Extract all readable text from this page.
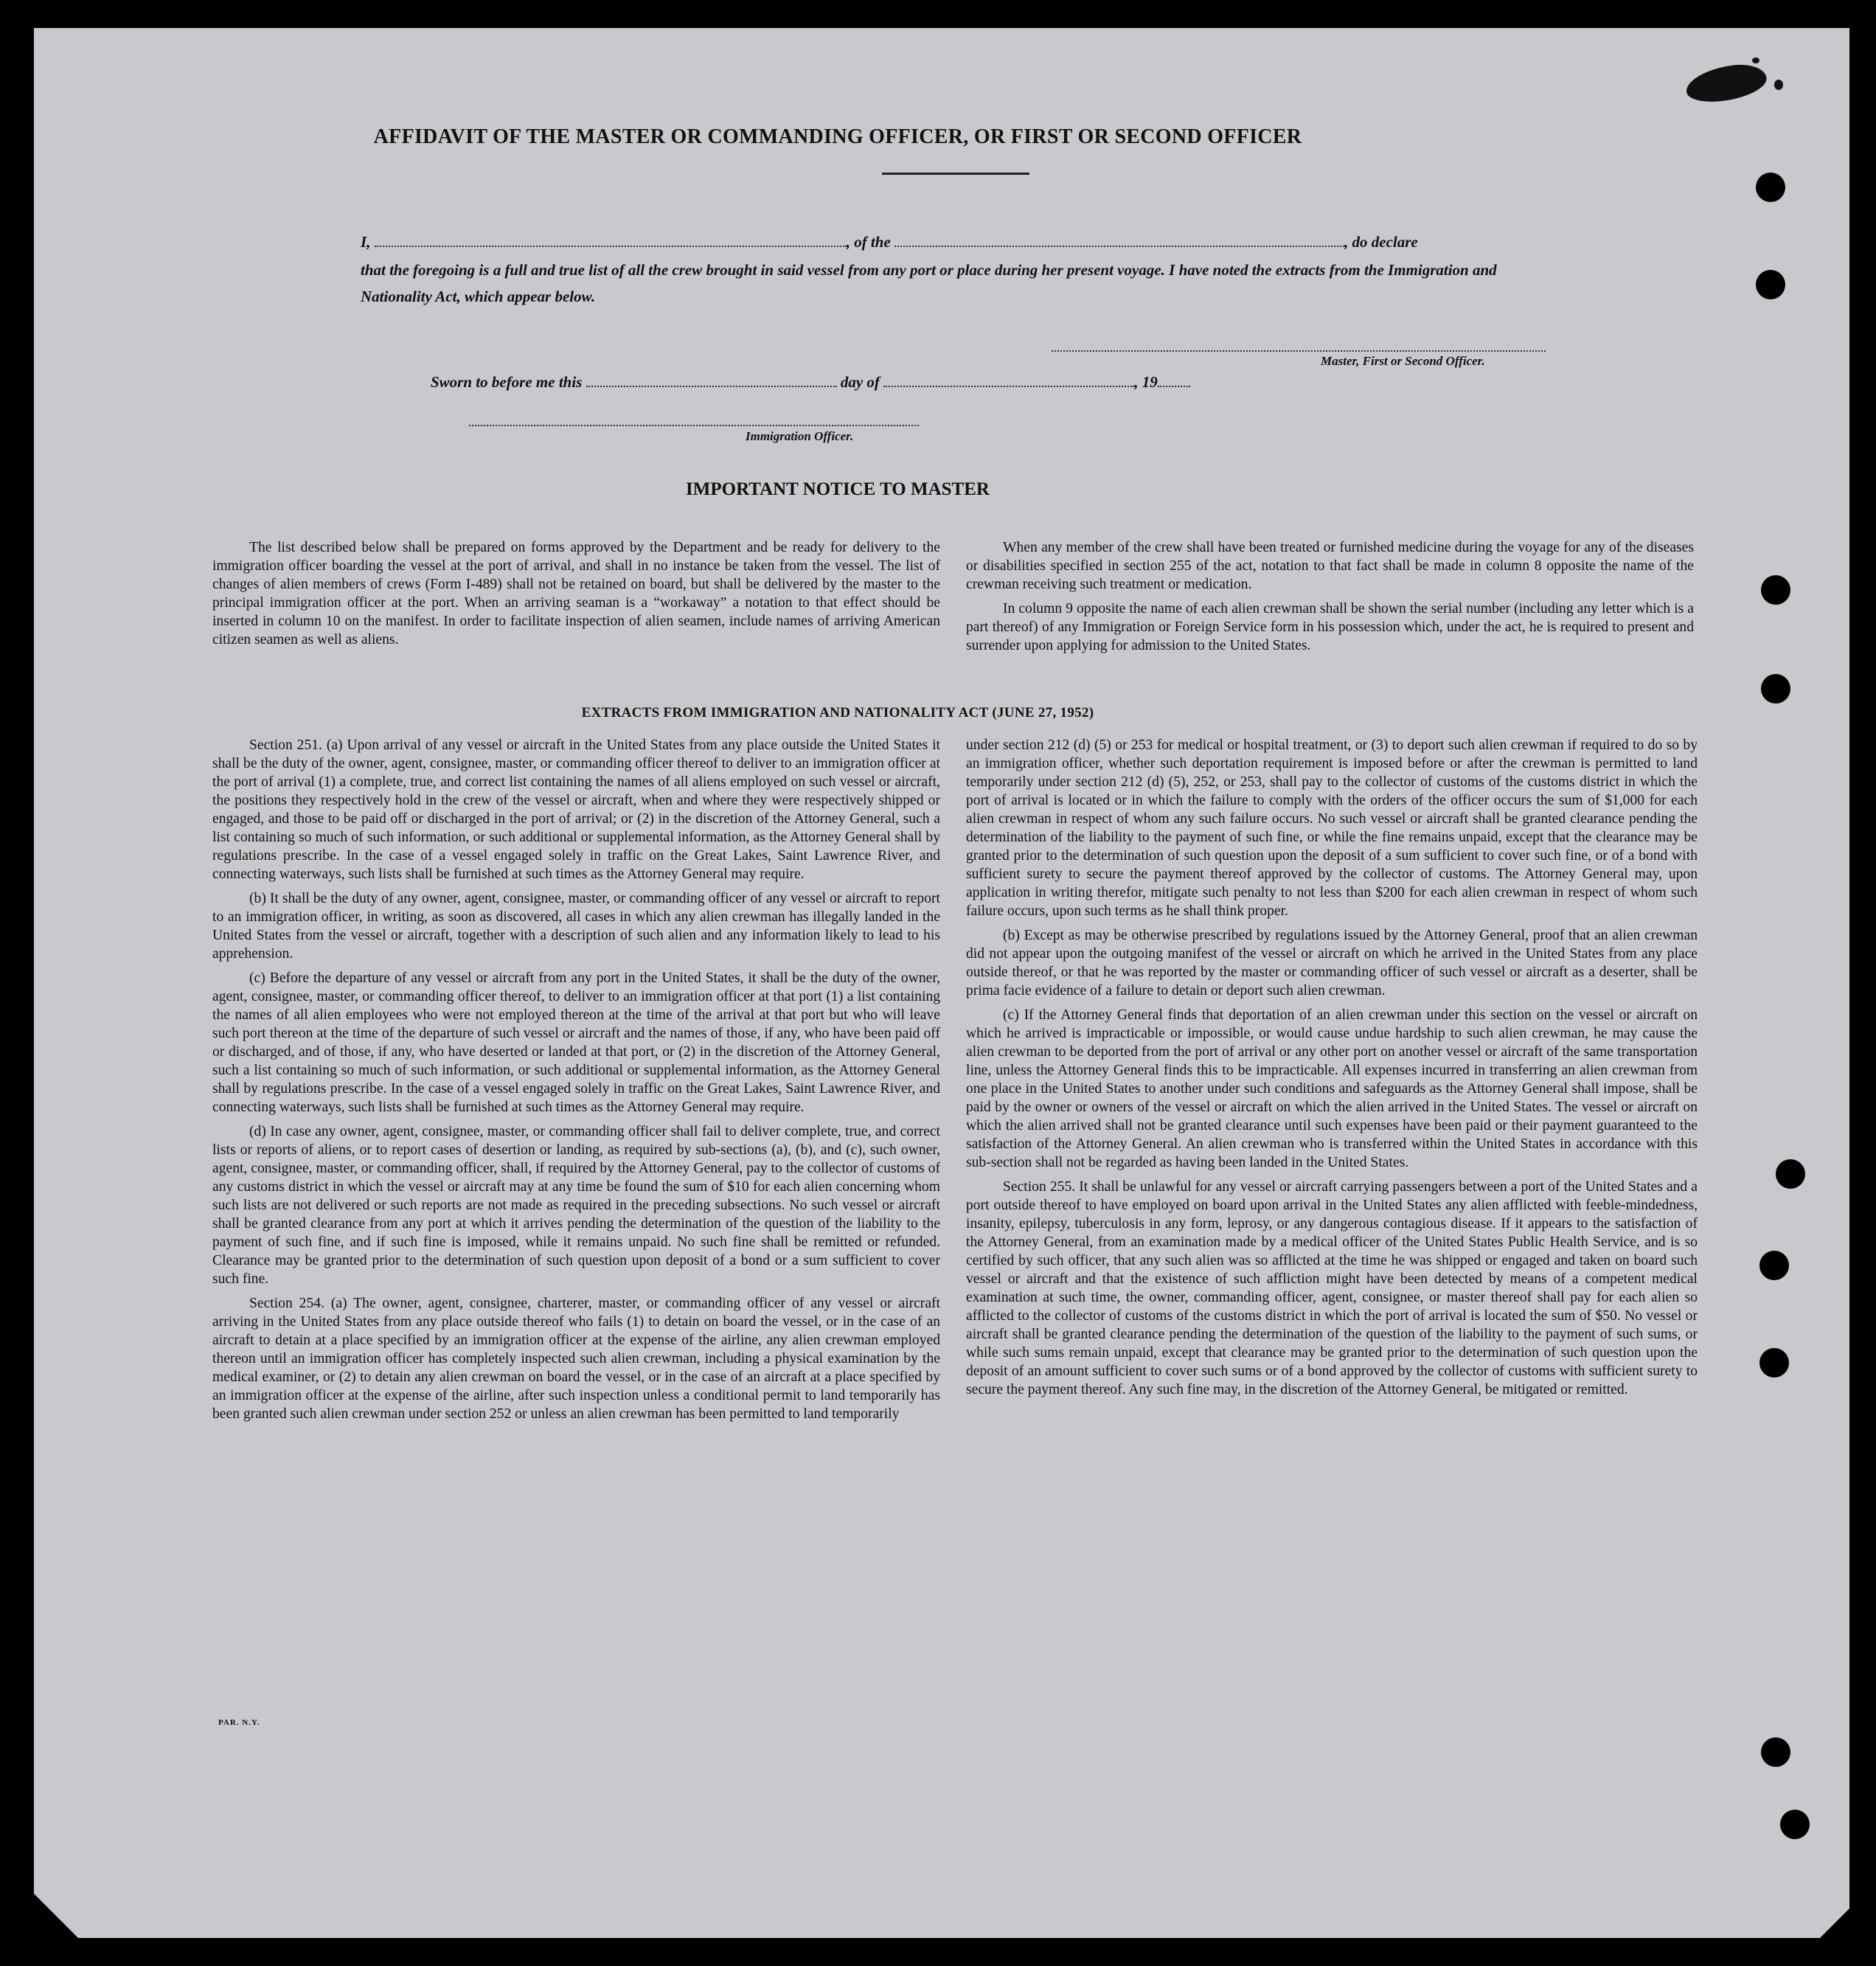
AFFIDAVIT OF THE MASTER OR COMMANDING OFFICER, OR FIRST OR SECOND OFFICER
I,	, of the	, do declare
that the foregoing is a full and true list of all the crew brought in said vessel from any port or place during her present voyage. I have noted the extracts from the Immigration and Nationality Act, which appear below.
Master, First or Second Officer.
Sworn to before me this	day of	, 19
Immigration Officer.
IMPORTANT NOTICE TO MASTER

The list described below shall be prepared on forms approved by the Department and be ready for delivery to the immigration officer boarding the vessel at the port of arrival, and shall in no instance be taken from the vessel. The list of changes of alien members of crews (Form I-489) shall not be retained on board, but shall be delivered by the master to the principal immigration officer at the port. When an arriving seaman is a “workaway” a notation to that effect should be inserted in column 10 on the manifest. In order to facilitate inspection of alien seamen, include names of arriving American citizen seamen as well as aliens.

When any member of the crew shall have been treated or furnished medicine during the voyage for any of the diseases or disabilities specified in section 255 of the act, notation to that fact shall be made in column 8 opposite the name of the crewman receiving such treatment or medication.

In column 9 opposite the name of each alien crewman shall be shown the serial number (including any letter which is a part thereof) of any Immigration or Foreign Service form in his possession which, under the act, he is required to present and surrender upon applying for admission to the United States.

EXTRACTS FROM IMMIGRATION AND NATIONALITY ACT (JUNE 27, 1952)

Section 251. (a) Upon arrival of any vessel or aircraft in the United States from any place outside the United States it shall be the duty of the owner, agent, consignee, master, or commanding officer thereof to deliver to an immigration officer at the port of arrival (1) a complete, true, and correct list containing the names of all aliens employed on such vessel or aircraft, the positions they respectively hold in the crew of the vessel or aircraft, when and where they were respectively shipped or engaged, and those to be paid off or discharged in the port of arrival; or (2) in the discretion of the Attorney General, such a list containing so much of such information, or such additional or supplemental information, as the Attorney General shall by regulations prescribe. In the case of a vessel engaged solely in traffic on the Great Lakes, Saint Lawrence River, and connecting waterways, such lists shall be furnished at such times as the Attorney General may require.

(b) It shall be the duty of any owner, agent, consignee, master, or commanding officer of any vessel or aircraft to report to an immigration officer, in writing, as soon as discovered, all cases in which any alien crewman has illegally landed in the United States from the vessel or aircraft, together with a description of such alien and any information likely to lead to his apprehension.

(c) Before the departure of any vessel or aircraft from any port in the United States, it shall be the duty of the owner, agent, consignee, master, or commanding officer thereof, to deliver to an immigration officer at that port (1) a list containing the names of all alien employees who were not employed thereon at the time of the arrival at that port but who will leave such port thereon at the time of the departure of such vessel or aircraft and the names of those, if any, who have been paid off or discharged, and of those, if any, who have deserted or landed at that port, or (2) in the discretion of the Attorney General, such a list containing so much of such information, or such additional or supplemental information, as the Attorney General shall by regulations prescribe. In the case of a vessel engaged solely in traffic on the Great Lakes, Saint Lawrence River, and connecting waterways, such lists shall be furnished at such times as the Attorney General may require.

(d) In case any owner, agent, consignee, master, or commanding officer shall fail to deliver complete, true, and correct lists or reports of aliens, or to report cases of desertion or landing, as required by sub-sections (a), (b), and (c), such owner, agent, consignee, master, or commanding officer, shall, if required by the Attorney General, pay to the collector of customs of any customs district in which the vessel or aircraft may at any time be found the sum of $10 for each alien concerning whom such lists are not delivered or such reports are not made as required in the preceding subsections. No such vessel or aircraft shall be granted clearance from any port at which it arrives pending the determination of the question of the liability to the payment of such fine, and if such fine is imposed, while it remains unpaid. No such fine shall be remitted or refunded. Clearance may be granted prior to the determination of such question upon deposit of a bond or a sum sufficient to cover such fine.

Section 254. (a) The owner, agent, consignee, charterer, master, or commanding officer of any vessel or aircraft arriving in the United States from any place outside thereof who fails (1) to detain on board the vessel, or in the case of an aircraft to detain at a place specified by an immigration officer at the expense of the airline, any alien crewman employed thereon until an immigration officer has completely inspected such alien crewman, including a physical examination by the medical examiner, or (2) to detain any alien crewman on board the vessel, or in the case of an aircraft at a place specified by an immigration officer at the expense of the airline, after such inspection unless a conditional permit to land temporarily has been granted such alien crewman under section 252 or unless an alien crewman has been permitted to land temporarily

under section 212 (d) (5) or 253 for medical or hospital treatment, or (3) to deport such alien crewman if required to do so by an immigration officer, whether such deportation requirement is imposed before or after the crewman is permitted to land temporarily under section 212 (d) (5), 252, or 253, shall pay to the collector of customs of the customs district in which the port of arrival is located or in which the failure to comply with the orders of the officer occurs the sum of $1,000 for each alien crewman in respect of whom any such failure occurs. No such vessel or aircraft shall be granted clearance pending the determination of the liability to the payment of such fine, or while the fine remains unpaid, except that the clearance may be granted prior to the determination of such question upon the deposit of a sum sufficient to cover such fine, or of a bond with sufficient surety to secure the payment thereof approved by the collector of customs. The Attorney General may, upon application in writing therefor, mitigate such penalty to not less than $200 for each alien crewman in respect of whom such failure occurs, upon such terms as he shall think proper.

(b) Except as may be otherwise prescribed by regulations issued by the Attorney General, proof that an alien crewman did not appear upon the outgoing manifest of the vessel or aircraft on which he arrived in the United States from any place outside thereof, or that he was reported by the master or commanding officer of such vessel or aircraft as a deserter, shall be prima facie evidence of a failure to detain or deport such alien crewman.

(c) If the Attorney General finds that deportation of an alien crewman under this section on the vessel or aircraft on which he arrived is impracticable or impossible, or would cause undue hardship to such alien crewman, he may cause the alien crewman to be deported from the port of arrival or any other port on another vessel or aircraft of the same transportation line, unless the Attorney General finds this to be impracticable. All expenses incurred in transferring an alien crewman from one place in the United States to another under such conditions and safeguards as the Attorney General shall impose, shall be paid by the owner or owners of the vessel or aircraft on which the alien arrived in the United States. The vessel or aircraft on which the alien arrived shall not be granted clearance until such expenses have been paid or their payment guaranteed to the satisfaction of the Attorney General. An alien crewman who is transferred within the United States in accordance with this sub-section shall not be regarded as having been landed in the United States.

Section 255. It shall be unlawful for any vessel or aircraft carrying passengers between a port of the United States and a port outside thereof to have employed on board upon arrival in the United States any alien afflicted with feeble-mindedness, insanity, epilepsy, tuberculosis in any form, leprosy, or any dangerous contagious disease. If it appears to the satisfaction of the Attorney General, from an examination made by a medical officer of the United States Public Health Service, and is so certified by such officer, that any such alien was so afflicted at the time he was shipped or engaged and taken on board such vessel or aircraft and that the existence of such affliction might have been detected by means of a competent medical examination at such time, the owner, commanding officer, agent, consignee, or master thereof shall pay for each alien so afflicted to the collector of customs of the customs district in which the port of arrival is located the sum of $50. No vessel or aircraft shall be granted clearance pending the determination of the question of the liability to the payment of such sums, or while such sums remain unpaid, except that clearance may be granted prior to the determination of such question upon the deposit of an amount sufficient to cover such sums or of a bond approved by the collector of customs with sufficient surety to secure the payment thereof. Any such fine may, in the discretion of the Attorney General, be mitigated or remitted.

PAR. N.Y.
